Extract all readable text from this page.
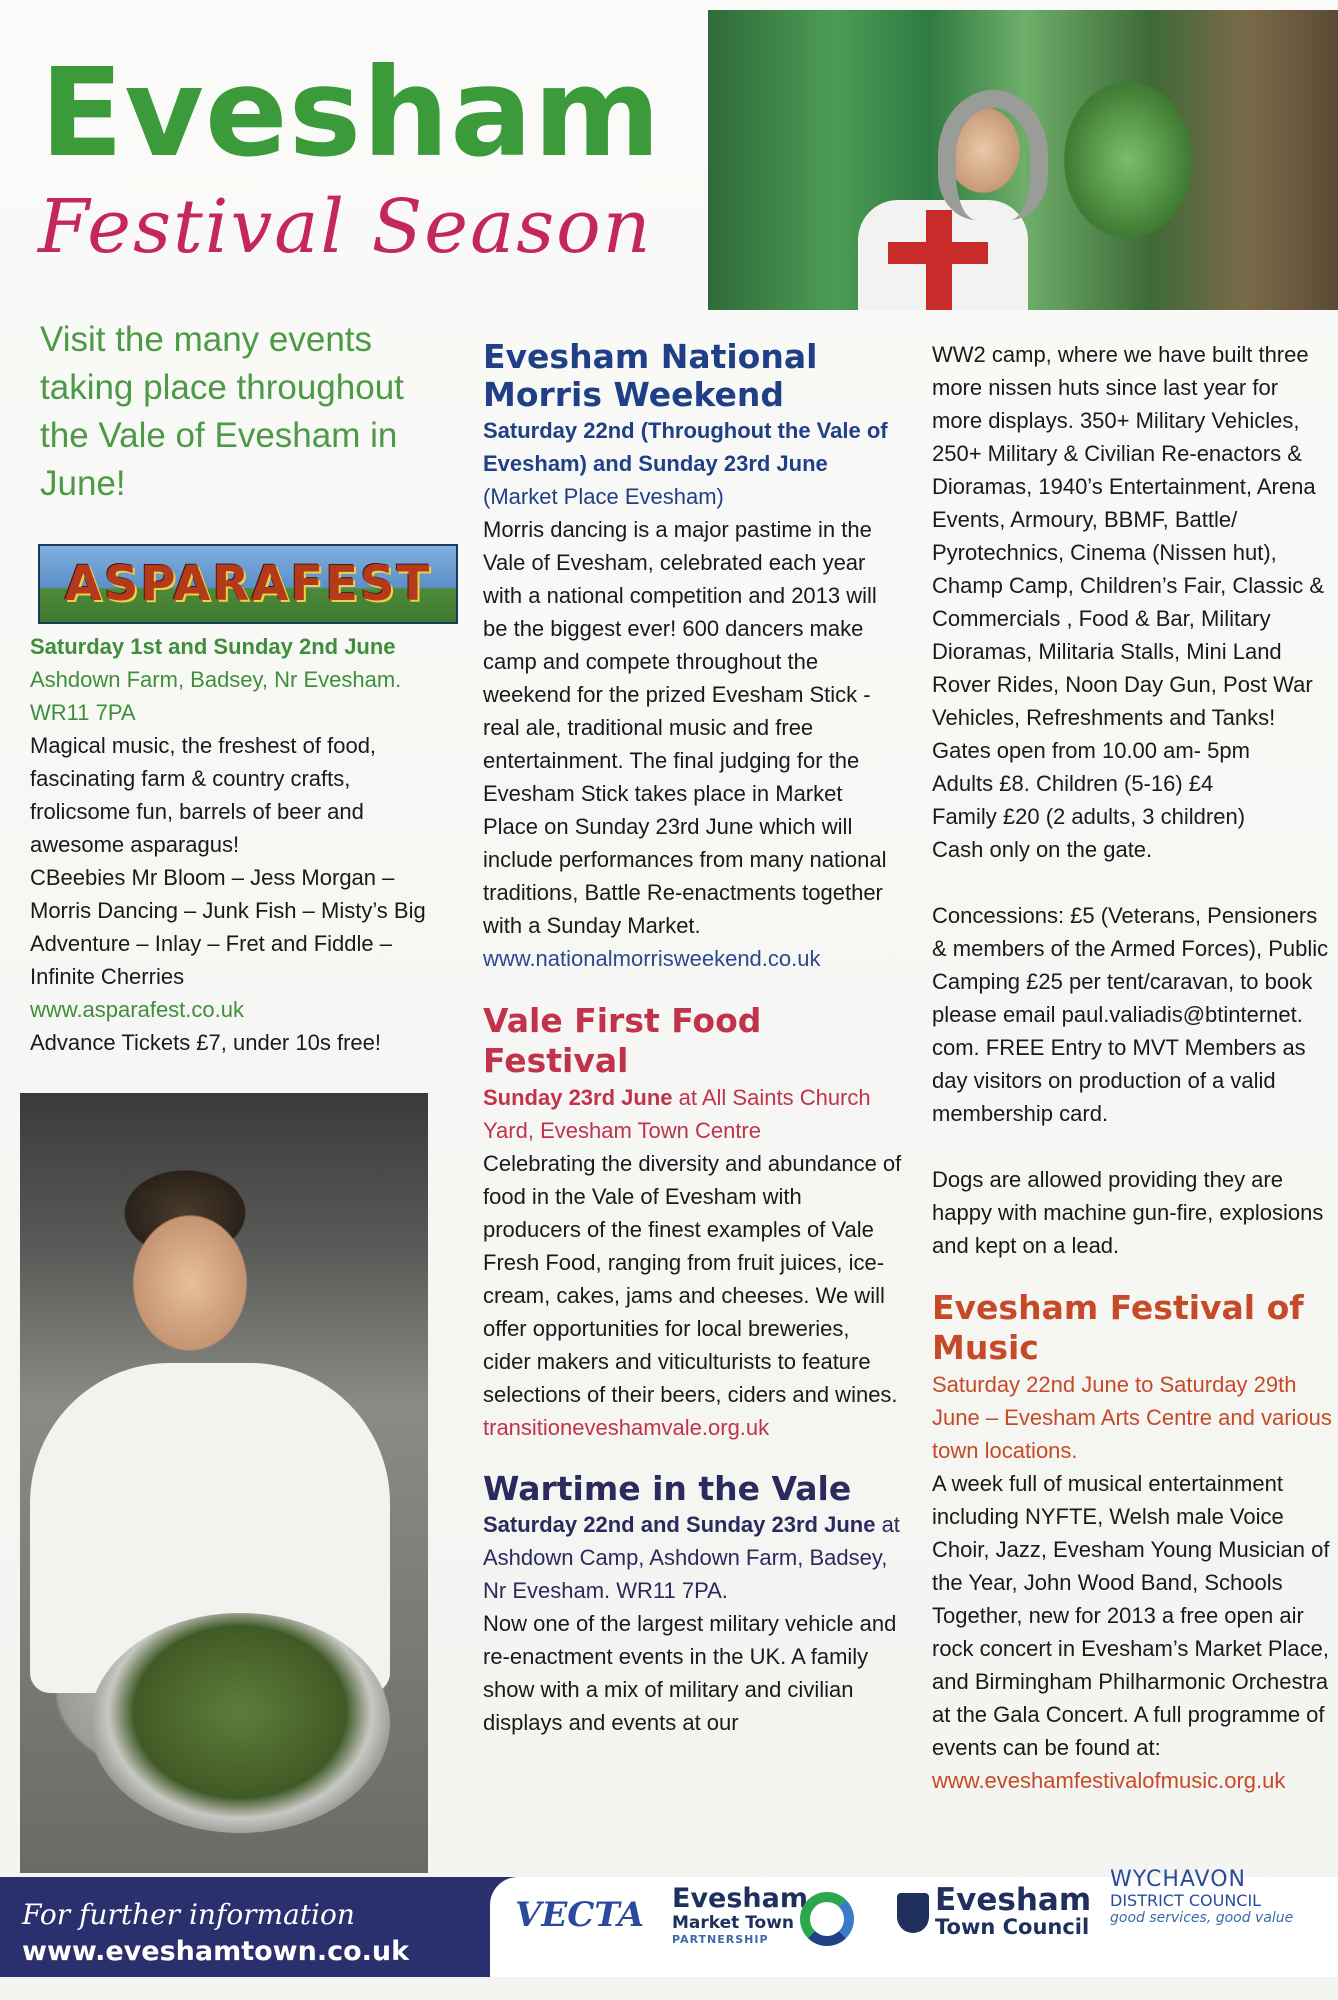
Evesham
Festival Season
Visit the many events taking place throughout the Vale of Evesham in June!
ASPARAFEST
Saturday 1st and Sunday 2nd June
Ashdown Farm, Badsey, Nr Evesham. WR11 7PA
Magical music, the freshest of food, fascinating farm & country crafts, frolicsome fun, barrels of beer and awesome asparagus!
CBeebies Mr Bloom – Jess Morgan – Morris Dancing – Junk Fish – Misty’s Big Adventure – Inlay – Fret and Fiddle – Infinite Cherries
www.asparafest.co.uk
Advance Tickets £7, under 10s free!
Evesham National Morris Weekend
Saturday 22nd (Throughout the Vale of Evesham) and Sunday 23rd June
(Market Place Evesham)
Morris dancing is a major pastime in the Vale of Evesham, celebrated each year with a national competition and 2013 will be the biggest ever! 600 dancers make camp and compete throughout the weekend for the prized Evesham Stick - real ale, traditional music and free entertainment. The final judging for the Evesham Stick takes place in Market Place on Sunday 23rd June which will include performances from many national traditions, Battle Re-enactments together with a Sunday Market.
www.nationalmorrisweekend.co.uk
Vale First Food Festival
Sunday 23rd June at All Saints Church Yard, Evesham Town Centre
Celebrating the diversity and abundance of food in the Vale of Evesham with producers of the finest examples of Vale Fresh Food, ranging from fruit juices, ice-cream, cakes, jams and cheeses. We will offer opportunities for local breweries, cider makers and viticulturists to feature selections of their beers, ciders and wines.
transitioneveshamvale.org.uk
Wartime in the Vale
Saturday 22nd and Sunday 23rd June at Ashdown Camp, Ashdown Farm, Badsey, Nr Evesham. WR11 7PA.
Now one of the largest military vehicle and re-enactment events in the UK. A family show with a mix of military and civilian displays and events at our
WW2 camp, where we have built three more nissen huts since last year for more displays. 350+ Military Vehicles, 250+ Military & Civilian Re-enactors & Dioramas, 1940’s Entertainment, Arena Events, Armoury, BBMF, Battle/ Pyrotechnics, Cinema (Nissen hut), Champ Camp, Children’s Fair, Classic & Commercials , Food & Bar, Military Dioramas, Militaria Stalls, Mini Land Rover Rides, Noon Day Gun, Post War Vehicles, Refreshments and Tanks!
Gates open from 10.00 am- 5pm
Adults £8. Children (5-16) £4
Family £20 (2 adults, 3 children)
Cash only on the gate.
Concessions: £5 (Veterans, Pensioners & members of the Armed Forces), Public Camping £25 per tent/caravan, to book please email paul.valiadis@btinternet. com. FREE Entry to MVT Members as day visitors on production of a valid membership card.
Dogs are allowed providing they are happy with machine gun-fire, explosions and kept on a lead.
Evesham Festival of Music
Saturday 22nd June to Saturday 29th June – Evesham Arts Centre and various town locations.
A week full of musical entertainment including NYFTE, Welsh male Voice Choir, Jazz, Evesham Young Musician of the Year, John Wood Band, Schools Together, new for 2013 a free open air rock concert in Evesham’s Market Place, and Birmingham Philharmonic Orchestra at the Gala Concert. A full programme of events can be found at:
www.eveshamfestivalofmusic.org.uk
For further information
www.eveshamtown.co.uk
VECTA Evesham
Market Town
PARTNERSHIP
Evesham
Town Council
WYCHAVON
DISTRICT COUNCIL
good services, good value
